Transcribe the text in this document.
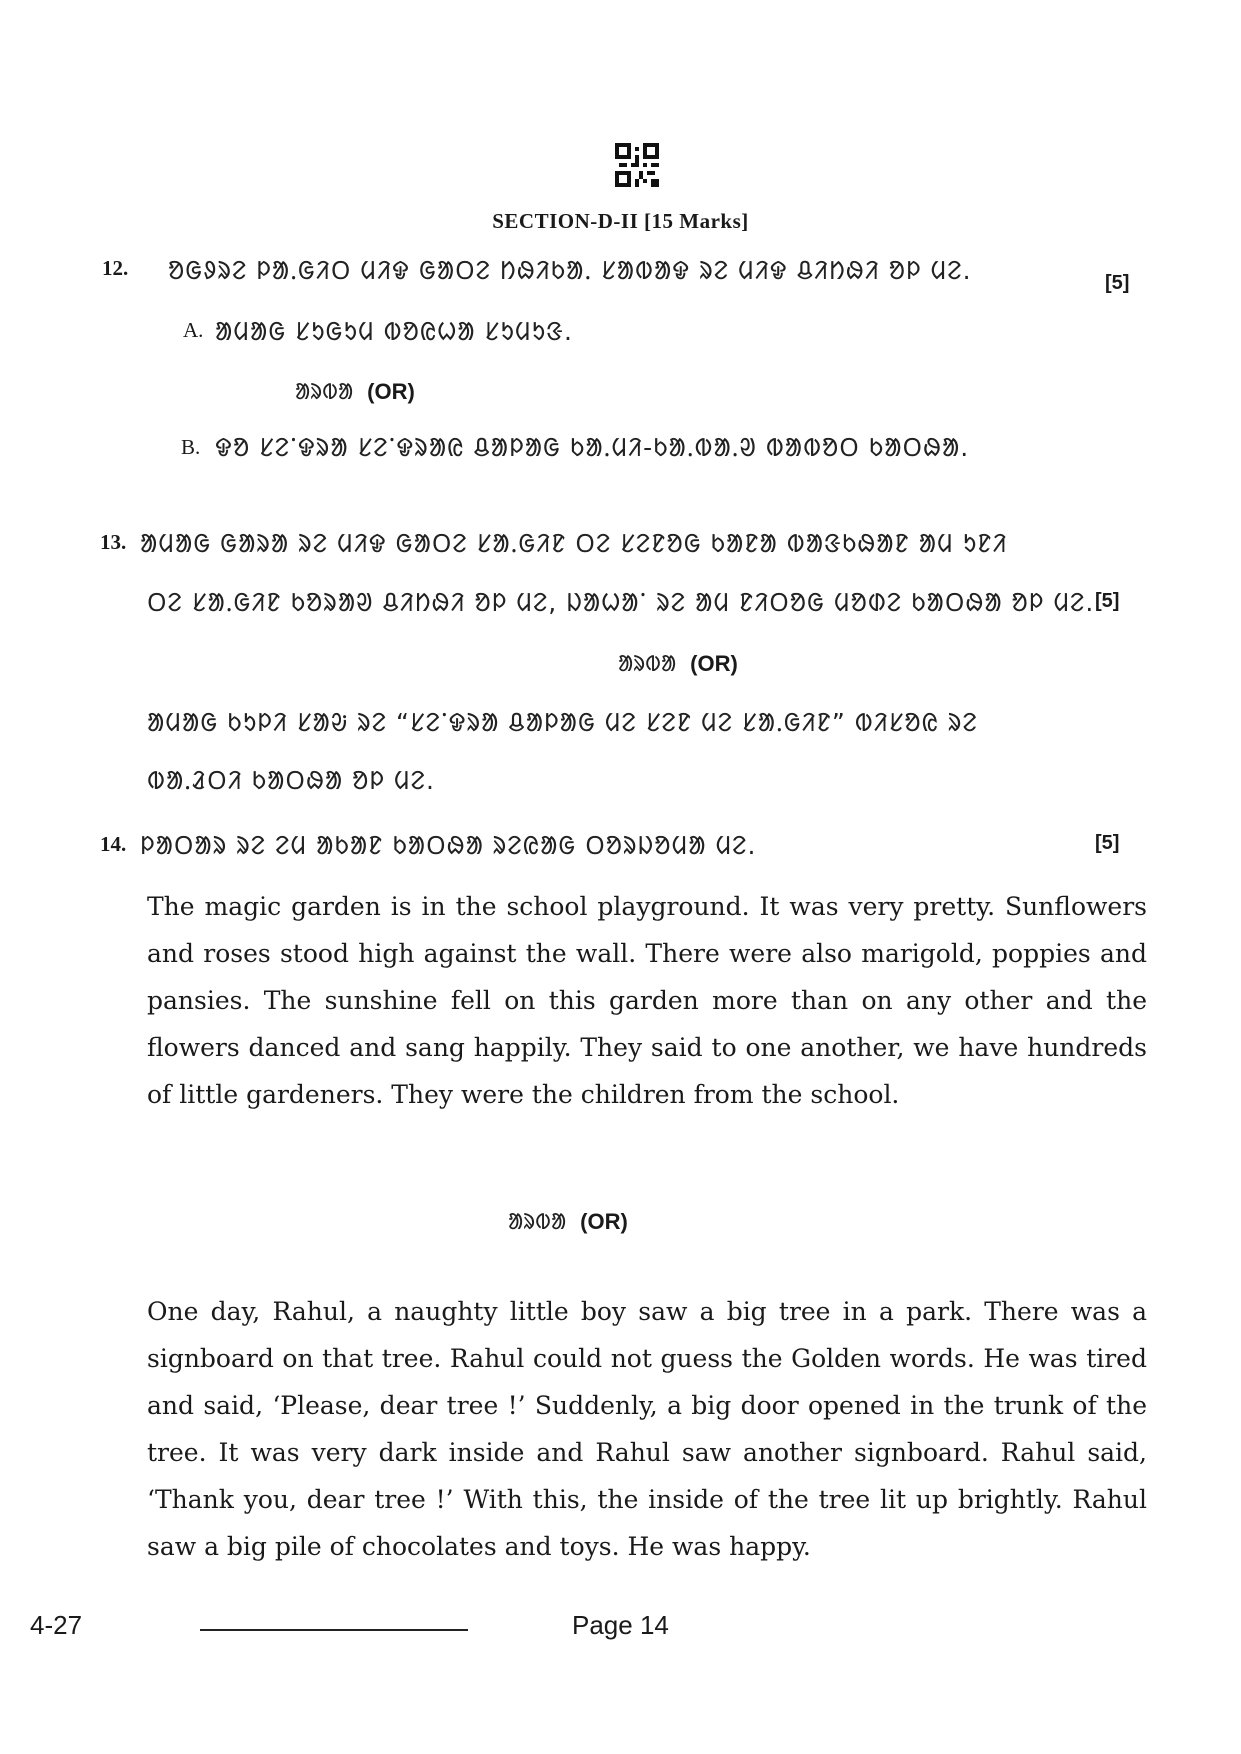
SECTION-D-II [15 Marks]
12. ᱚᱜᱽᱨᱮ ᱞᱟᱹᱜᱤᱛ ᱢᱤᱫ ᱜᱟᱛᱮ ᱴᱷᱤᱠᱟᱹ ᱥᱟᱵᱟᱫ ᱨᱮ ᱢᱤᱫ ᱪᱤᱴᱷᱤ ᱚᱞ ᱢᱮ.	[5]
A. ᱟᱢᱟᱜ ᱥᱩᱜᱩᱢ ᱵᱚᱭᱦᱟ ᱥᱩᱢᱩᱝ.
ᱟᱨᱵᱟ (OR)
B. ᱫᱚ ᱥᱮᱸᱫᱨᱟ ᱥᱮᱸᱫᱨᱟᱭ ᱪᱟᱞᱟᱜ ᱠᱟᱹᱢᱤ-ᱠᱟᱹᱵᱟᱹᱣ ᱵᱟᱵᱚᱛ ᱠᱟᱛᱷᱟ.
13. ᱟᱢᱟᱜ ᱜᱟᱨᱟ ᱨᱮ ᱢᱤᱫ ᱜᱟᱛᱮ ᱥᱟᱹᱜᱤᱱ ᱛᱮ ᱥᱮᱱᱚᱜ ᱠᱟᱱᱟ ᱵᱟᱝᱠᱷᱟᱱ ᱟᱢ ᱩᱱᱤ
ᱛᱮ ᱥᱟᱹᱜᱤᱱ ᱠᱚᱨᱟᱣ ᱪᱤᱴᱷᱤ ᱚᱞ ᱢᱮ, ᱡᱟᱦᱟᱸ ᱨᱮ ᱟᱢ ᱱᱤᱛᱚᱜ ᱢᱚᱰᱮ ᱠᱟᱛᱷᱟ ᱚᱞ ᱢᱮ. [5]
ᱟᱨᱵᱟ (OR)
ᱟᱢᱟᱜ ᱠᱩᱞᱤ ᱥᱟᱶ ᱨᱮ “ᱥᱮᱸᱫᱨᱟ ᱪᱟᱞᱟᱜ ᱢᱮ ᱥᱮᱱ ᱢᱮ ᱥᱟᱹᱜᱤᱱ” ᱵᱤᱥᱚᱭ ᱨᱮ
ᱵᱟᱹᱲᱛᱤ ᱠᱟᱛᱷᱟ ᱚᱞ ᱢᱮ.
14. ᱞᱟᱛᱟᱨ ᱨᱮ ᱮᱢ ᱟᱠᱟᱱ ᱠᱟᱛᱷᱟ ᱨᱮᱭᱟᱜ ᱛᱚᱨᱡᱚᱢᱟ ᱢᱮ.	[5]

The magic garden is in the school playground. It was very pretty. Sunflowers and roses stood high against the wall. There were also marigold, poppies and pansies. The sunshine fell on this garden more than on any other and the flowers danced and sang happily. They said to one another, we have hundreds of little gardeners. They were the children from the school.

ᱟᱨᱵᱟ (OR)

One day, Rahul, a naughty little boy saw a big tree in a park. There was a signboard on that tree. Rahul could not guess the Golden words. He was tired and said, ‘Please, dear tree !’ Suddenly, a big door opened in the trunk of the tree. It was very dark inside and Rahul saw another signboard. Rahul said, ‘Thank you, dear tree !’ With this, the inside of the tree lit up brightly. Rahul saw a big pile of chocolates and toys. He was happy.

4-27	Page 14
